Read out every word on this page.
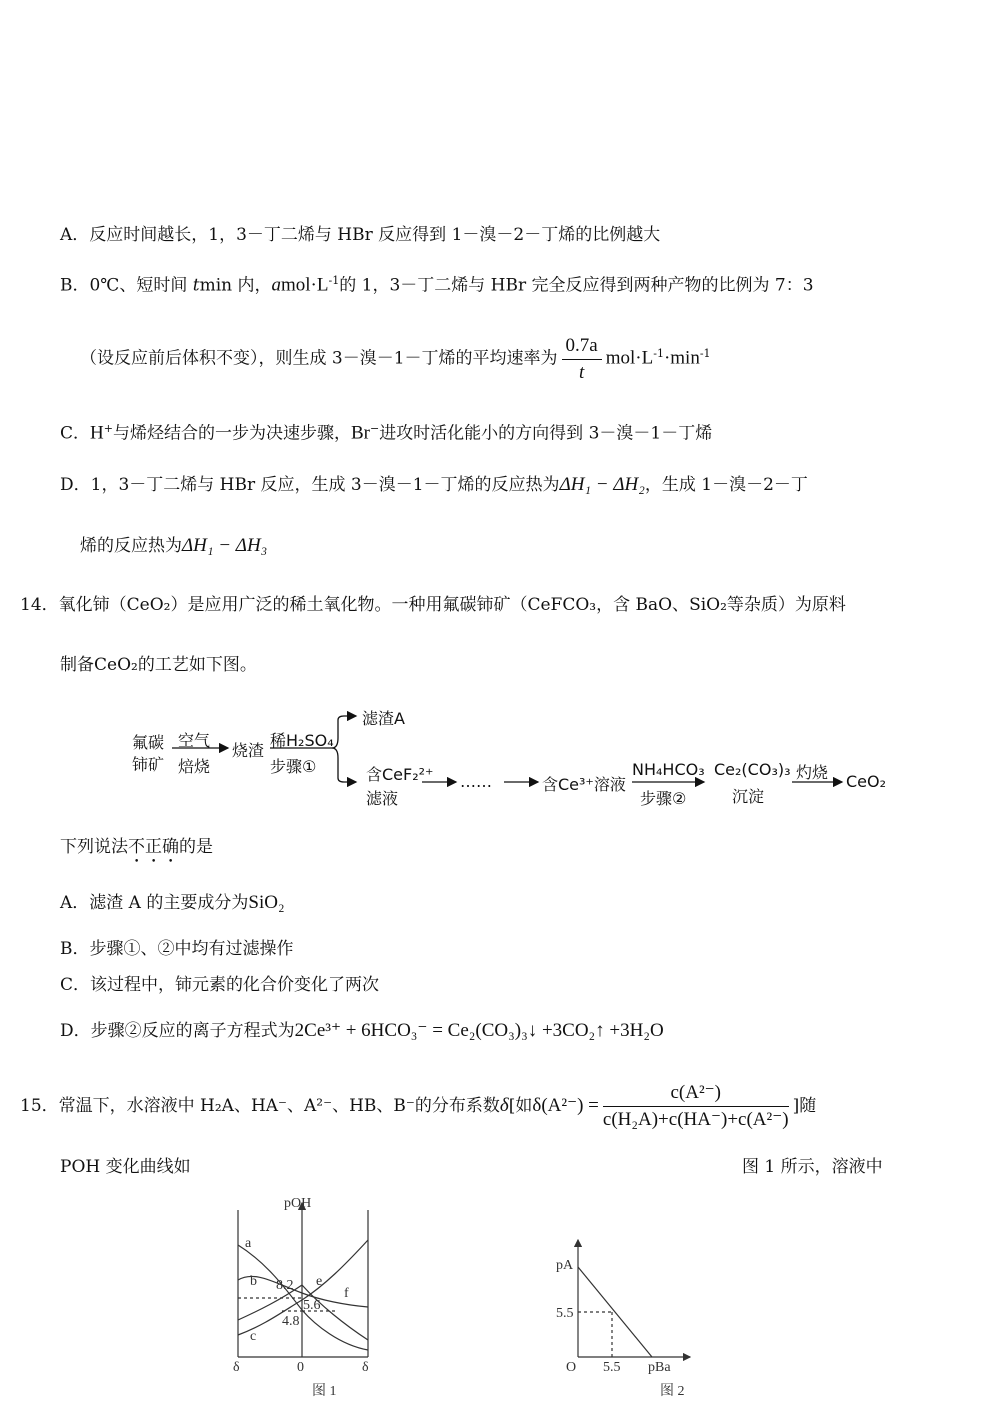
A．反应时间越长，1，3－丁二烯与 HBr 反应得到 1－溴－2－丁烯的比例越大
B．0℃、短时间 tmin 内，$amol\cdot L^{-1}$的 1，3－丁二烯与 HBr 完全反应得到两种产物的比例为 7：3
（设反应前后体积不变），则生成 3－溴－1－丁烯的平均速率为 $\frac{0.7a}{t} mol\cdot L^{-1}\cdot\min^{-1}$
C．H+与烯烃结合的一步为决速步骤，Br−进攻时活化能小的方向得到 3－溴－1－丁烯
D．1，3－丁二烯与 HBr 反应，生成 3－溴－1－丁烯的反应热为ΔH₁ − ΔH₂，生成 1－溴－2－丁
烯的反应热为ΔH₁ − ΔH₃
14．氧化铈（CeO₂）是应用广泛的稀土氧化物。一种用氟碳铈矿（CeFCO₃，含 BaO、SiO₂等杂质）为原料
制备CeO₂的工艺如下图。
氟碳
铈矿
空气
焙烧
烧渣
稀H₂SO₄
步骤①
滤渣A
含CeF₂²⁺
滤液
……	含Ce³⁺溶液
NH₄HCO₃
步骤②
Ce₂(CO₃)₃
沉淀
灼烧 CeO₂
下列说法不正确的是
A．滤渣 A 的主要成分为SiO₂
B．步骤①、②中均有过滤操作
C．该过程中，铈元素的化合价变化了两次
D．步骤②反应的离子方程式为2Ce³⁺ + 6HCO₃⁻ = Ce₂(CO₃)₃↓ +3CO₂↑ +3H₂O
15．常温下，水溶液中 H₂A、HA⁻、A²⁻、HB、B⁻的分布系数δ[如$\delta(A^{2-}) = \frac{\text{c(A²⁻)}}{\text{c(H₂A)+c(HA⁻)+c(A²⁻)}}$ ]随
POH 变化曲线如	图 1 所示，溶液中
pOH
a
b
c
e
f
8.2
5.6
4.8
δ	0	δ
图 1
pA
pBa
O
5.5
5.5
图 2
